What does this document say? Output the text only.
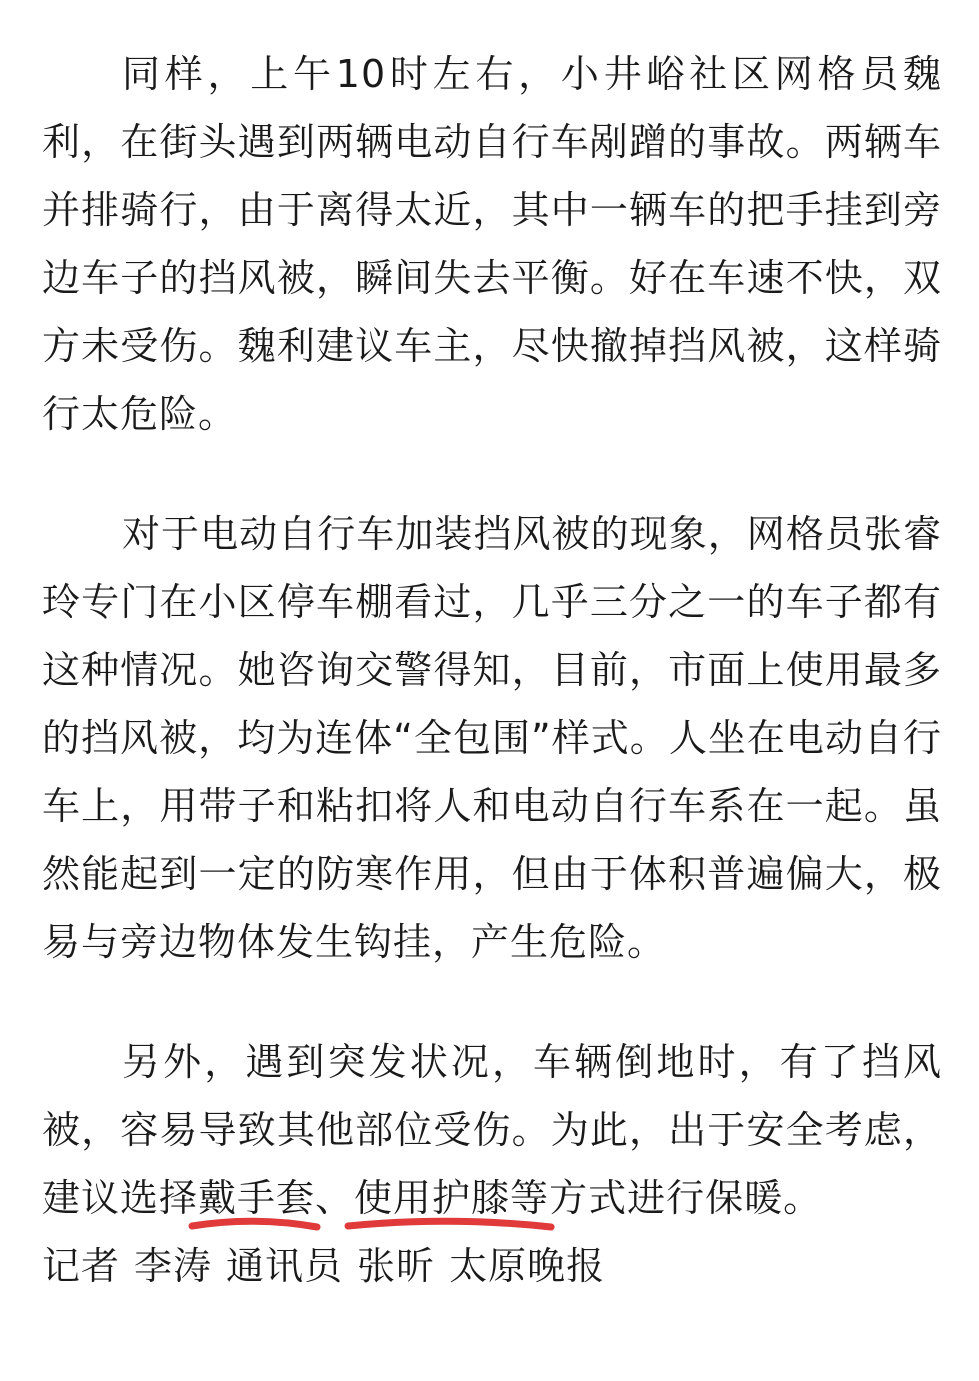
同样，上午10时左右，小井峪社区网格员魏利，在街头遇到两辆电动自行车剐蹭的事故。两辆车并排骑行，由于离得太近，其中一辆车的把手挂到旁边车子的挡风被，瞬间失去平衡。好在车速不快，双方未受伤。魏利建议车主，尽快撤掉挡风被，这样骑行太危险。

对于电动自行车加装挡风被的现象，网格员张睿玲专门在小区停车棚看过，几乎三分之一的车子都有这种情况。她咨询交警得知，目前，市面上使用最多的挡风被，均为连体“全包围”样式。人坐在电动自行车上，用带子和粘扣将人和电动自行车系在一起。虽然能起到一定的防寒作用，但由于体积普遍偏大，极易与旁边物体发生钩挂，产生危险。

另外，遇到突发状况，车辆倒地时，有了挡风被，容易导致其他部位受伤。为此，出于安全考虑，建议选择戴手套、使用护膝等方式进行保暖。

记者 李涛 通讯员 张昕 太原晚报
